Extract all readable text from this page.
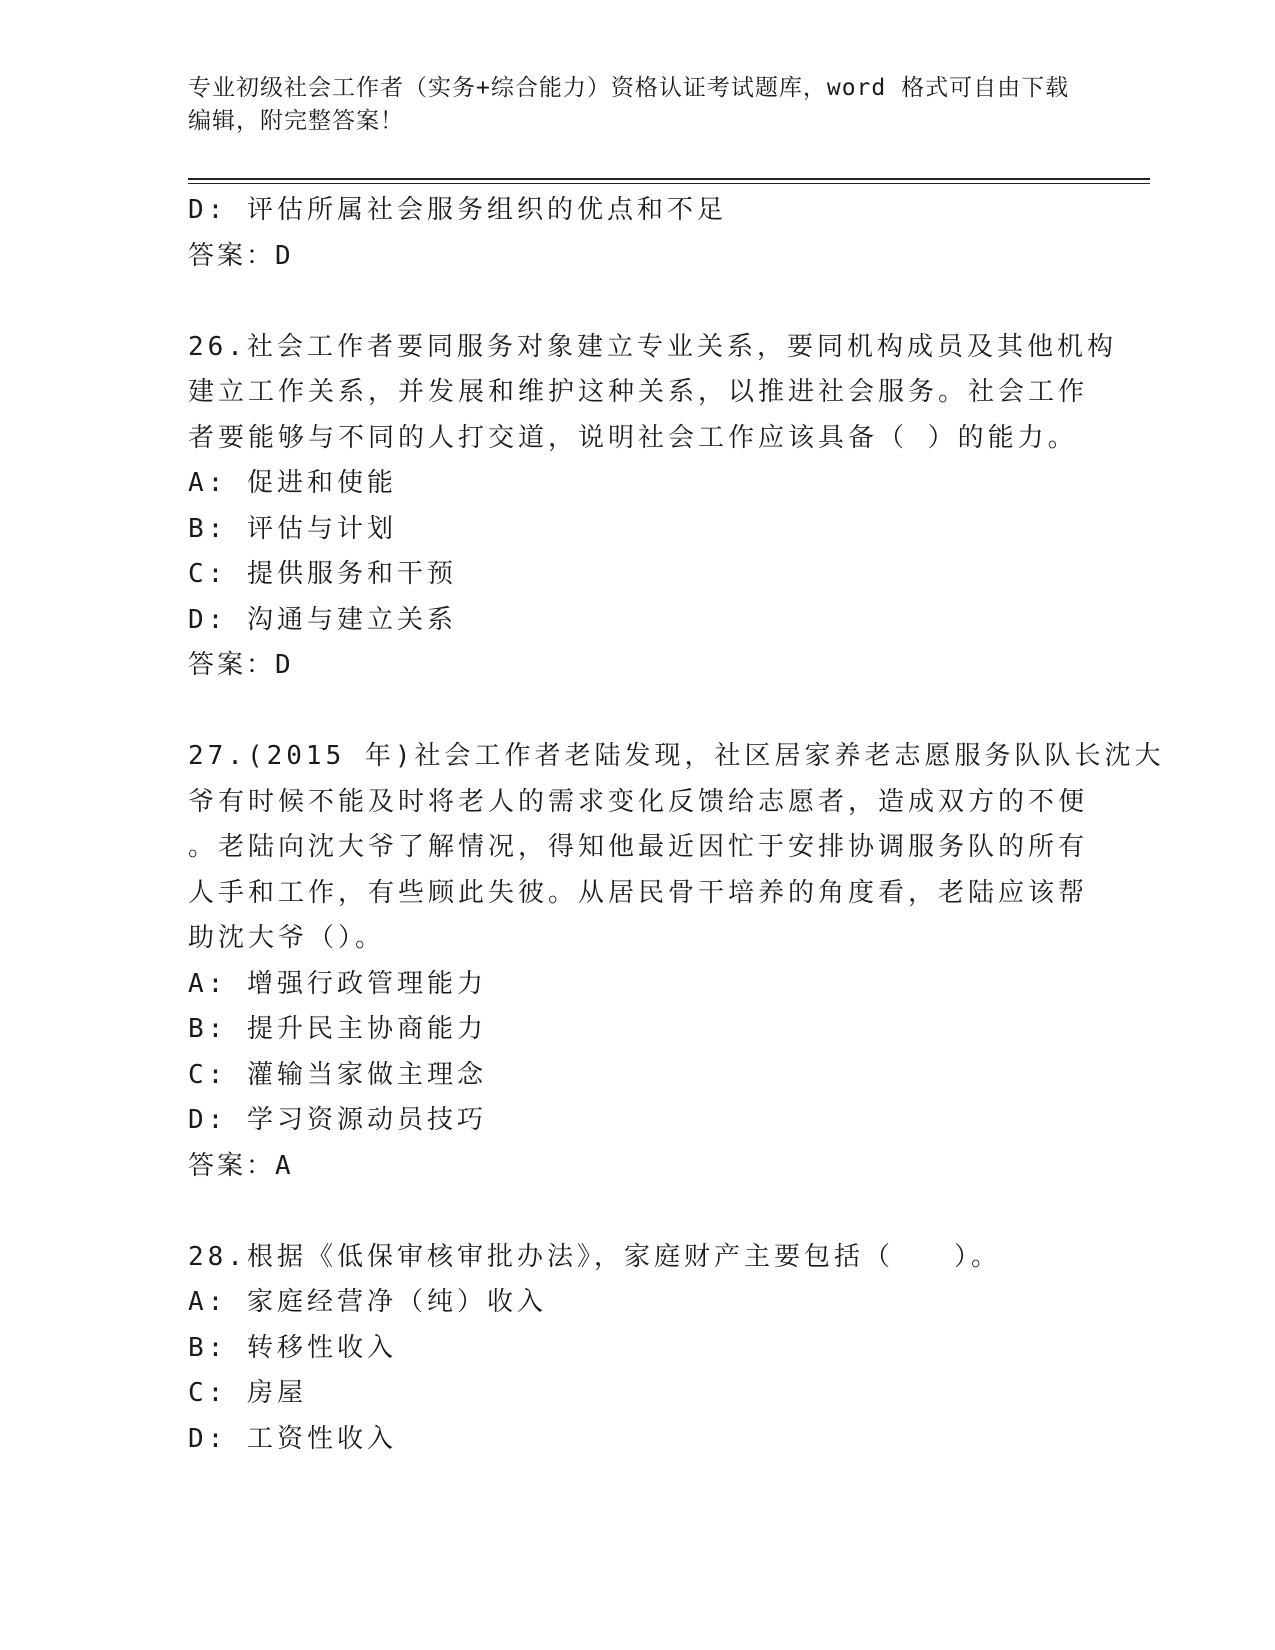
专业初级社会工作者（实务+综合能力）资格认证考试题库，word 格式可自由下载
编辑，附完整答案！
D: 评估所属社会服务组织的优点和不足
答案：D
26.社会工作者要同服务对象建立专业关系，要同机构成员及其他机构
建立工作关系，并发展和维护这种关系，以推进社会服务。社会工作
者要能够与不同的人打交道，说明社会工作应该具备（ ）的能力。
A: 促进和使能
B: 评估与计划
C: 提供服务和干预
D: 沟通与建立关系
答案：D
27.(2015 年)社会工作者老陆发现，社区居家养老志愿服务队队长沈大
爷有时候不能及时将老人的需求变化反馈给志愿者，造成双方的不便
。老陆向沈大爷了解情况，得知他最近因忙于安排协调服务队的所有
人手和工作，有些顾此失彼。从居民骨干培养的角度看，老陆应该帮
助沈大爷（）。
A: 增强行政管理能力
B: 提升民主协商能力
C: 灌输当家做主理念
D: 学习资源动员技巧
答案：A
28.根据《低保审核审批办法》，家庭财产主要包括（　　）。
A: 家庭经营净（纯）收入
B: 转移性收入
C: 房屋
D: 工资性收入
